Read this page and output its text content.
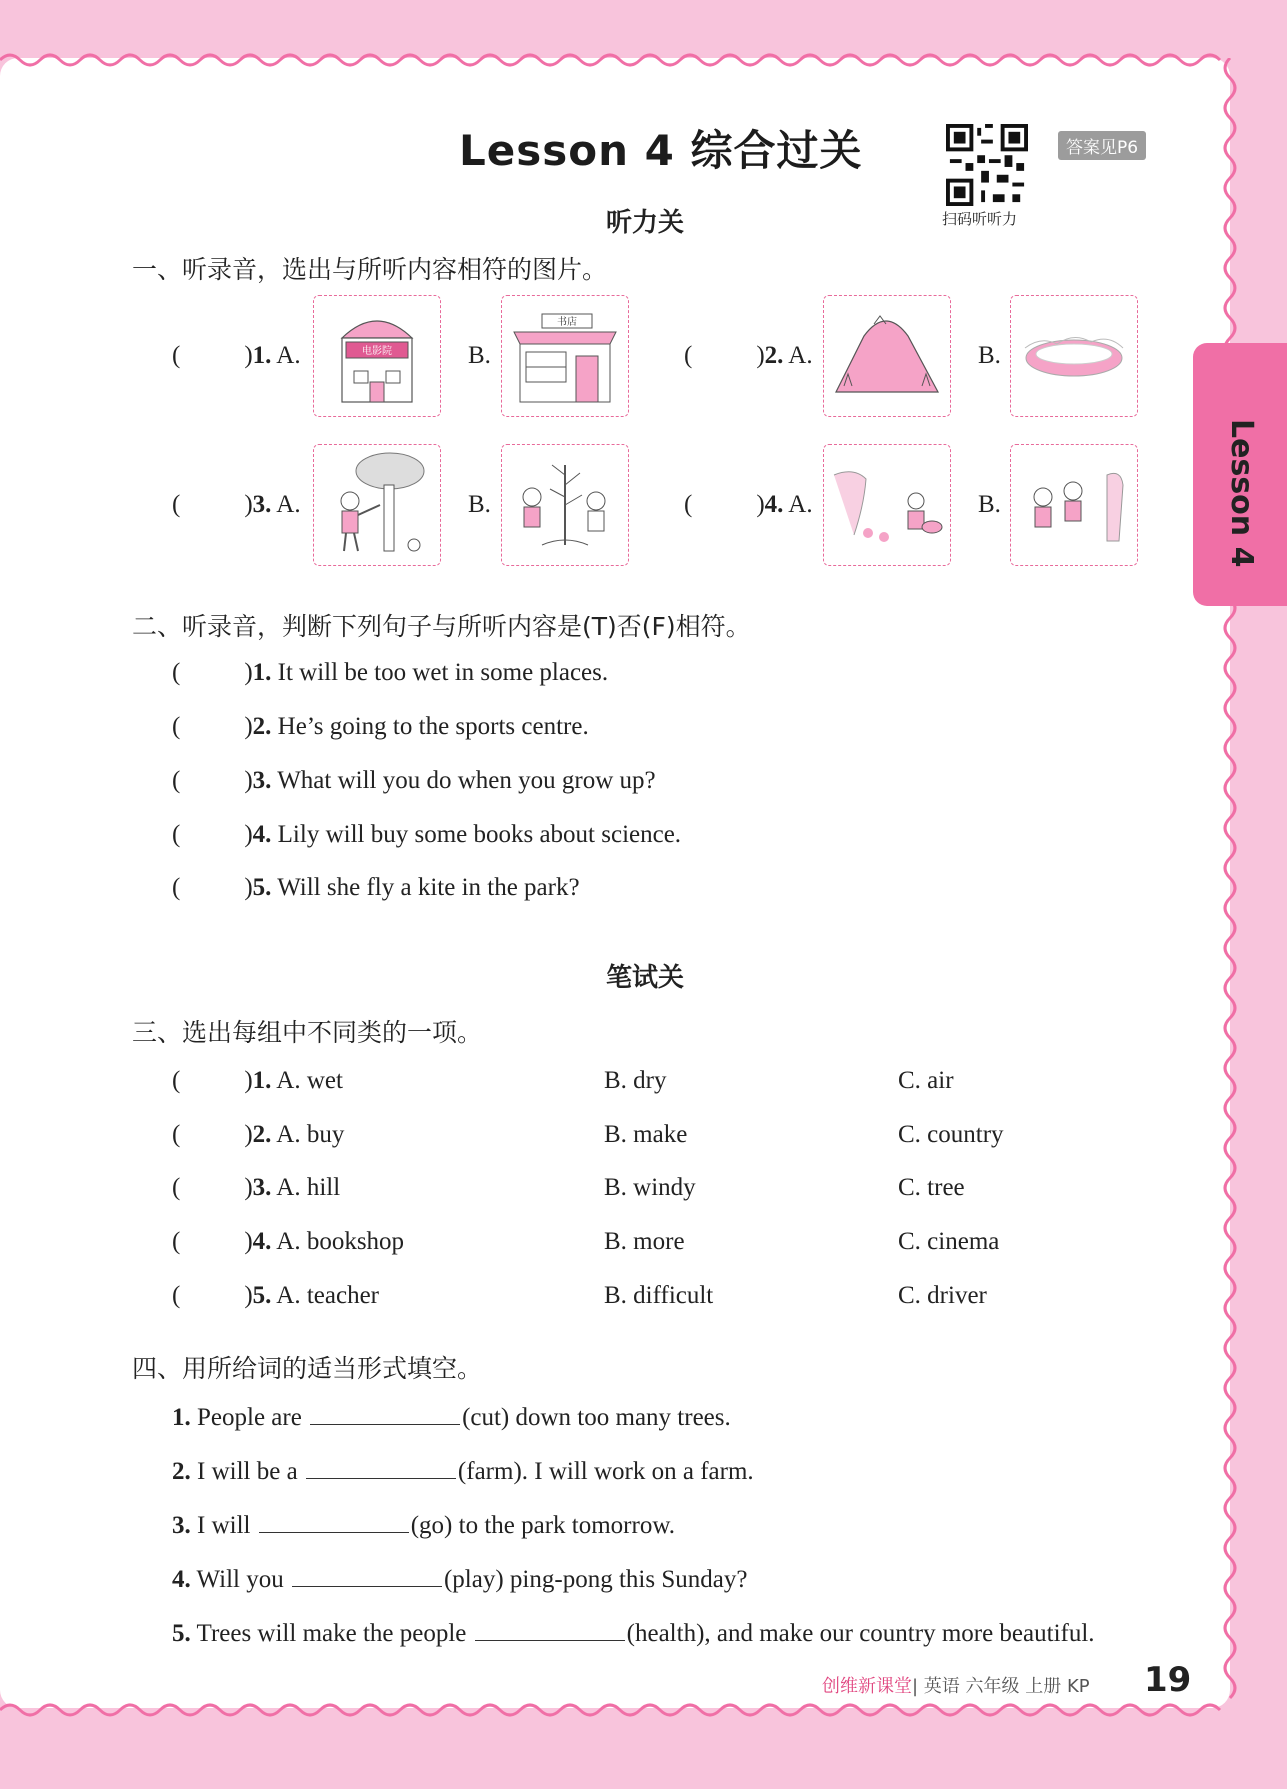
Lesson 4 综合过关
扫码听听力
答案见P6
Lesson 4
听力关
一、听录音，选出与所听内容相符的图片。
(	)1. A.	B.
电影院
书店
(	)2. A.	B.
(	)3. A.	B.	(	)4. A.	B.
二、听录音，判断下列句子与所听内容是(T)否(F)相符。
(	)1. It will be too wet in some places.
(	)2. He’s going to the sports centre.
(	)3. What will you do when you grow up?
(	)4. Lily will buy some books about science.
(	)5. Will she fly a kite in the park?
笔试关
三、选出每组中不同类的一项。
(	)1. A. wet	B. dry	C. air
(	)2. A. buy	B. make	C. country
(	)3. A. hill	B. windy	C. tree
(	)4. A. bookshop	B. more	C. cinema
(	)5. A. teacher	B. difficult	C. driver
四、用所给词的适当形式填空。
1. People are	(cut) down too many trees.
2. I will be a	(farm). I will work on a farm.
3. I will	(go) to the park tomorrow.
4. Will you	(play) ping-pong this Sunday?
5. Trees will make the people	(health), and make our country more beautiful.
创维新课堂| 英语 六年级 上册 KP 19
